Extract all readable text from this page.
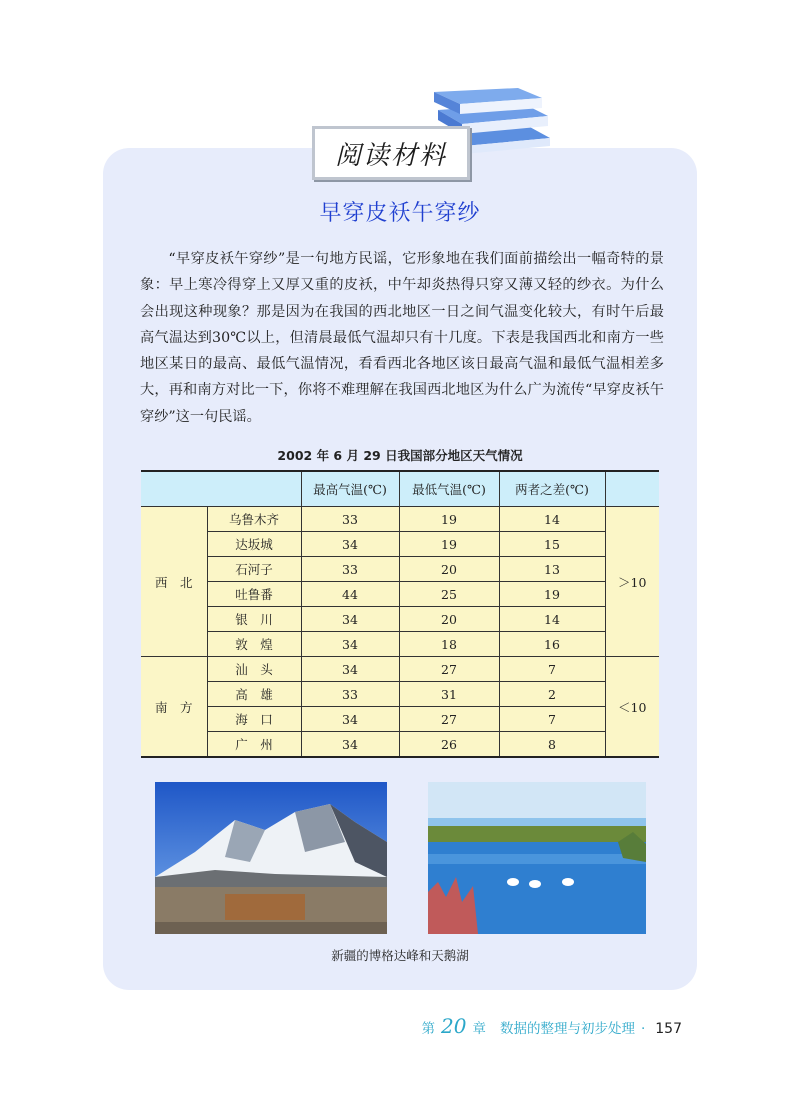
阅读材料
早穿皮袄午穿纱

“早穿皮袄午穿纱”是一句地方民谣，它形象地在我们面前描绘出一幅奇特的景象：早上寒冷得穿上又厚又重的皮袄，中午却炎热得只穿又薄又轻的纱衣。为什么会出现这种现象？那是因为在我国的西北地区一日之间气温变化较大，有时午后最高气温达到30℃以上，但清晨最低气温却只有十几度。下表是我国西北和南方一些地区某日的最高、最低气温情况，看看西北各地区该日最高气温和最低气温相差多大，再和南方对比一下，你将不难理解在我国西北地区为什么广为流传“早穿皮袄午穿纱”这一句民谣。

2002 年 6 月 29 日我国部分地区天气情况
		最高气温(℃)	最低气温(℃)	两者之差(℃)	
西　北	乌鲁木齐	33	19	14	＞10
	达坂城	34	19	15	
	石河子	33	20	13	
	吐鲁番	44	25	19	
	银　川	34	20	14	
	敦　煌	34	18	16	
南　方	汕　头	34	27	7	＜10
	高　雄	33	31	2	
	海　口	34	27	7	
	广　州	34	26	8	
新疆的博格达峰和天鹅湖
第 20 章 数据的整理与初步处理 · 157
